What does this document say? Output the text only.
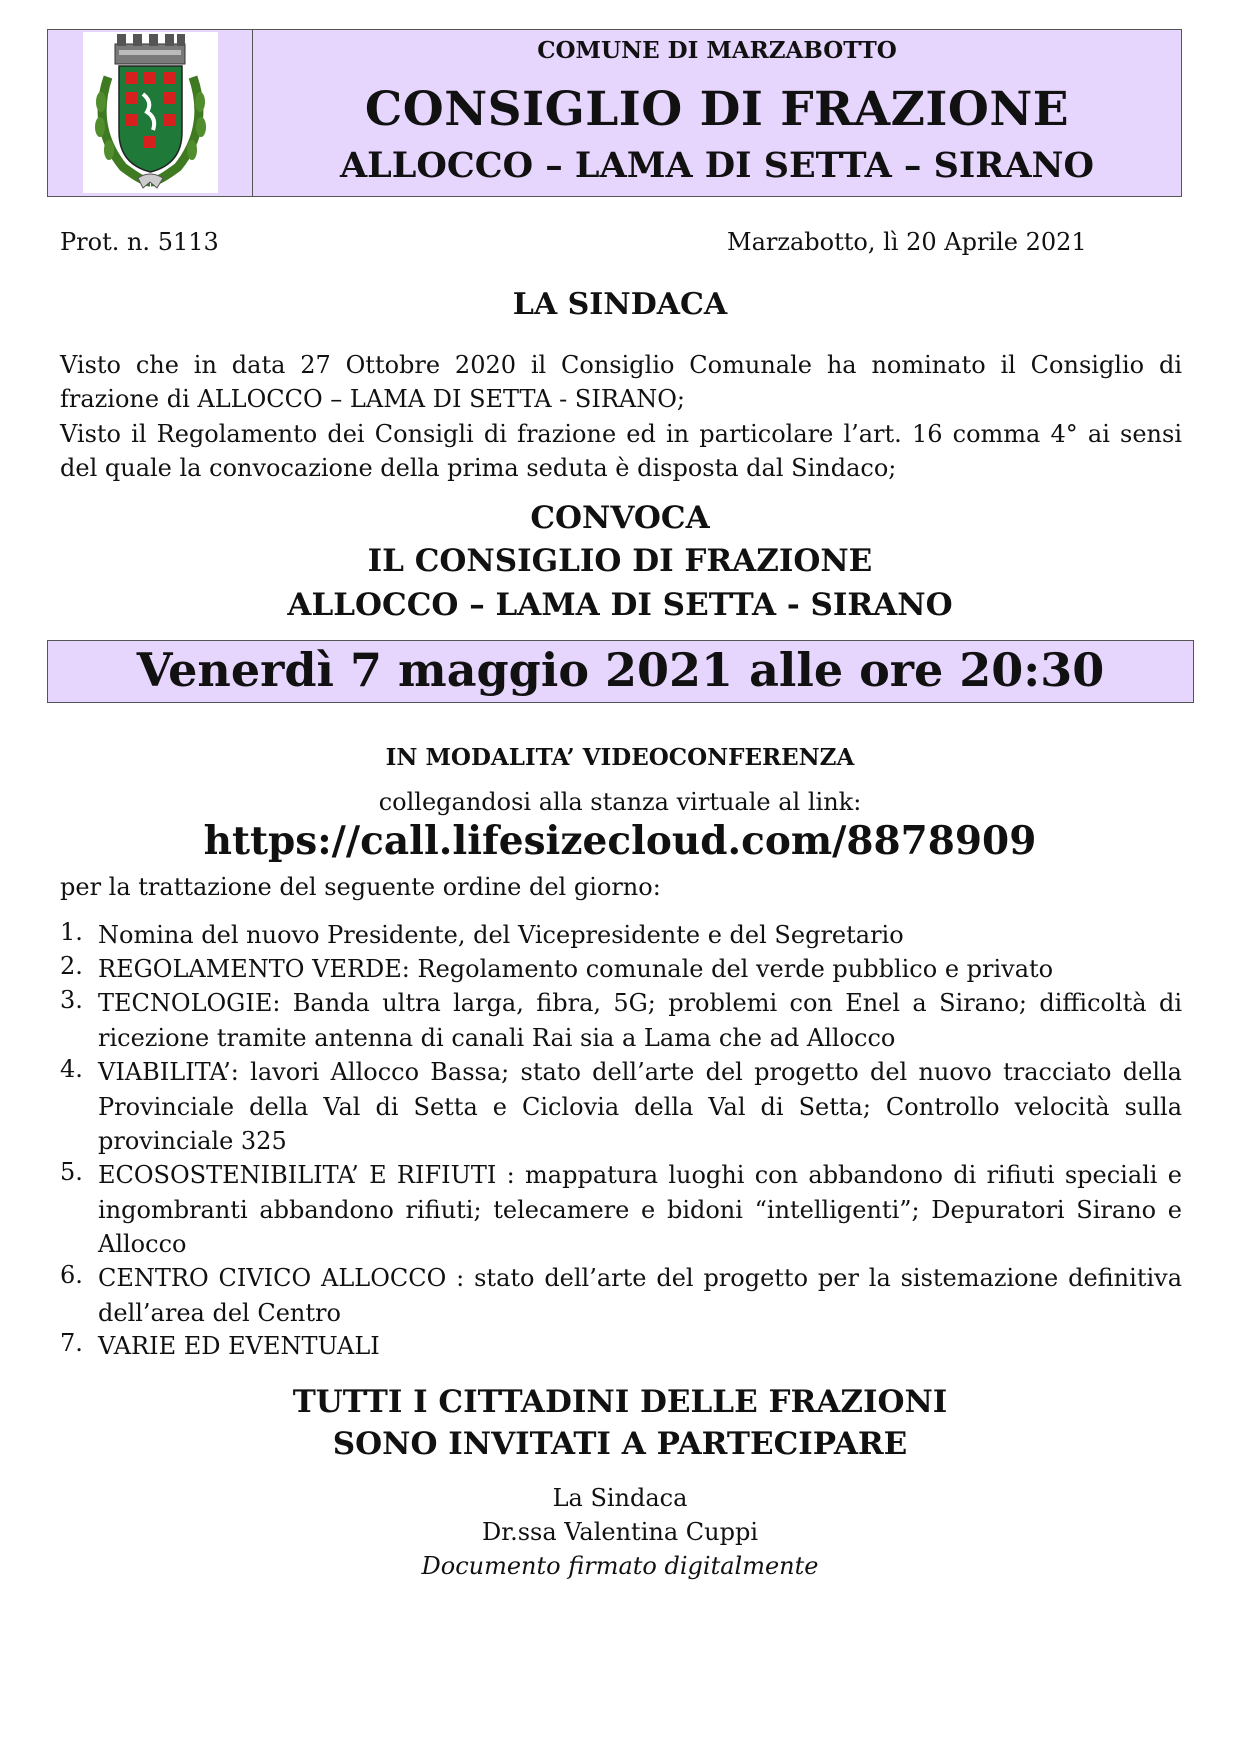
COMUNE DI MARZABOTTO
CONSIGLIO DI FRAZIONE
ALLOCCO – LAMA DI SETTA – SIRANO
Prot. n. 5113	Marzabotto, lì 20 Aprile 2021
LA SINDACA
Visto che in data 27 Ottobre 2020 il Consiglio Comunale ha nominato il Consiglio di
frazione di ALLOCCO – LAMA DI SETTA - SIRANO;
Visto il Regolamento dei Consigli di frazione ed in particolare l’art. 16 comma 4° ai sensi
del quale la convocazione della prima seduta è disposta dal Sindaco;
CONVOCA
IL CONSIGLIO DI FRAZIONE
ALLOCCO – LAMA DI SETTA - SIRANO
Venerdì 7 maggio 2021 alle ore 20:30
IN MODALITA’ VIDEOCONFERENZA
collegandosi alla stanza virtuale al link:
https://call.lifesizecloud.com/8878909
per la trattazione del seguente ordine del giorno:
1. Nomina del nuovo Presidente, del Vicepresidente e del Segretario
2. REGOLAMENTO VERDE: Regolamento comunale del verde pubblico e privato
3. TECNOLOGIE: Banda ultra larga, fibra, 5G; problemi con Enel a Sirano; difficoltà di ricezione tramite antenna di canali Rai sia a Lama che ad Allocco
4. VIABILITA’: lavori Allocco Bassa; stato dell’arte del progetto del nuovo tracciato della Provinciale della Val di Setta e Ciclovia della Val di Setta; Controllo velocità sulla provinciale 325
5. ECOSOSTENIBILITA’ E RIFIUTI : mappatura luoghi con abbandono di rifiuti speciali e ingombranti abbandono rifiuti; telecamere e bidoni “intelligenti”; Depuratori Sirano e Allocco
6. CENTRO CIVICO ALLOCCO : stato dell’arte del progetto per la sistemazione definitiva dell’area del Centro
7. VARIE ED EVENTUALI
TUTTI I CITTADINI DELLE FRAZIONI
SONO INVITATI A PARTECIPARE
La Sindaca
Dr.ssa Valentina Cuppi
Documento firmato digitalmente
